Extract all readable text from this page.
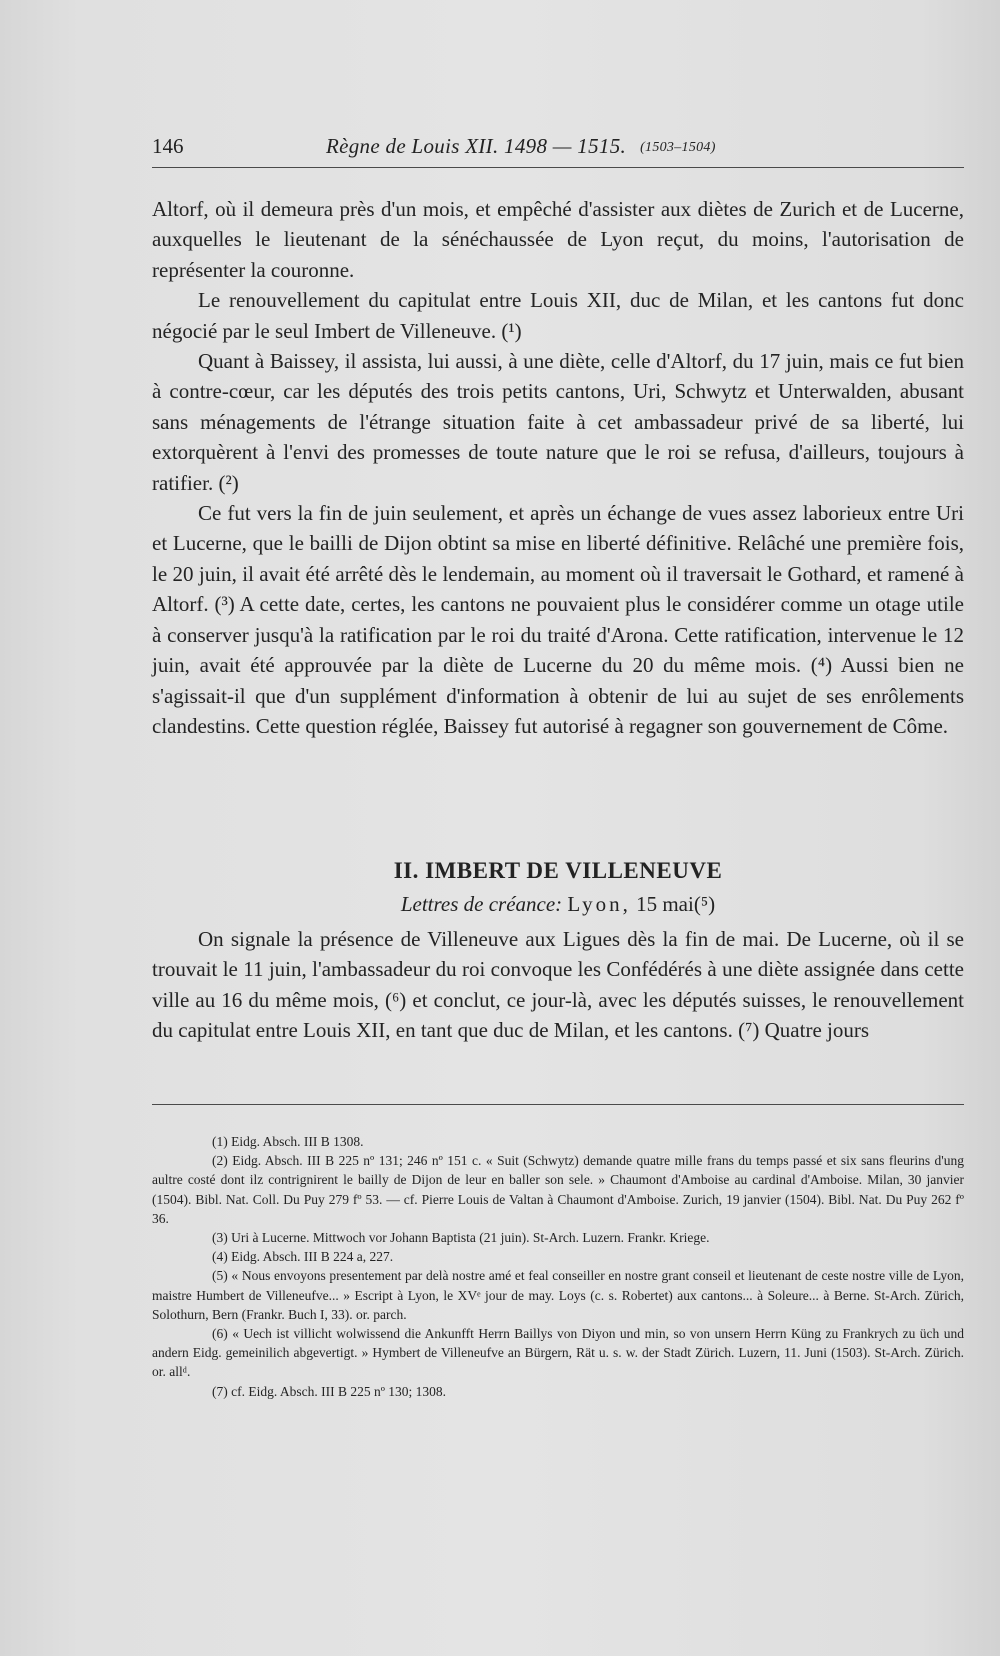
146	Règne de Louis XII. 1498 — 1515. (1503–1504)

Altorf, où il demeura près d'un mois, et empêché d'assister aux diètes de Zurich et de Lucerne, auxquelles le lieutenant de la sénéchaussée de Lyon reçut, du moins, l'autorisation de représenter la couronne.

Le renouvellement du capitulat entre Louis XII, duc de Milan, et les cantons fut donc négocié par le seul Imbert de Villeneuve. (¹)

Quant à Baissey, il assista, lui aussi, à une diète, celle d'Altorf, du 17 juin, mais ce fut bien à contre-cœur, car les députés des trois petits cantons, Uri, Schwytz et Unterwalden, abusant sans ménagements de l'étrange situation faite à cet ambassadeur privé de sa liberté, lui extorquèrent à l'envi des promesses de toute nature que le roi se refusa, d'ailleurs, toujours à ratifier. (²)

Ce fut vers la fin de juin seulement, et après un échange de vues assez laborieux entre Uri et Lucerne, que le bailli de Dijon obtint sa mise en liberté définitive. Relâché une première fois, le 20 juin, il avait été arrêté dès le lendemain, au moment où il traversait le Gothard, et ramené à Altorf. (³) A cette date, certes, les cantons ne pouvaient plus le considérer comme un otage utile à conserver jusqu'à la ratification par le roi du traité d'Arona. Cette ratification, intervenue le 12 juin, avait été approuvée par la diète de Lucerne du 20 du même mois. (⁴) Aussi bien ne s'agissait-il que d'un supplément d'information à obtenir de lui au sujet de ses enrôlements clandestins. Cette question réglée, Baissey fut autorisé à regagner son gouvernement de Côme.

II. IMBERT DE VILLENEUVE
Lettres de créance: Lyon, 15 mai(⁵)

On signale la présence de Villeneuve aux Ligues dès la fin de mai. De Lucerne, où il se trouvait le 11 juin, l'ambassadeur du roi convoque les Confédérés à une diète assignée dans cette ville au 16 du même mois, (⁶) et conclut, ce jour-là, avec les députés suisses, le renouvellement du capitulat entre Louis XII, en tant que duc de Milan, et les cantons. (⁷) Quatre jours

(1) Eidg. Absch. III B 1308.

(2) Eidg. Absch. III B 225 nº 131; 246 nº 151 c. « Suit (Schwytz) demande quatre mille frans du temps passé et six sans fleurins d'ung aultre costé dont ilz contrignirent le bailly de Dijon de leur en baller son sele. » Chaumont d'Amboise au cardinal d'Amboise. Milan, 30 janvier (1504). Bibl. Nat. Coll. Du Puy 279 fº 53. — cf. Pierre Louis de Valtan à Chaumont d'Amboise. Zurich, 19 janvier (1504). Bibl. Nat. Du Puy 262 fº 36.

(3) Uri à Lucerne. Mittwoch vor Johann Baptista (21 juin). St-Arch. Luzern. Frankr. Kriege.

(4) Eidg. Absch. III B 224 a, 227.

(5) « Nous envoyons presentement par delà nostre amé et feal conseiller en nostre grant conseil et lieutenant de ceste nostre ville de Lyon, maistre Humbert de Villeneufve... » Escript à Lyon, le XVᵉ jour de may. Loys (c. s. Robertet) aux cantons... à Soleure... à Berne. St-Arch. Zürich, Solothurn, Bern (Frankr. Buch I, 33). or. parch.

(6) « Uech ist villicht wolwissend die Ankunfft Herrn Baillys von Diyon und min, so von unsern Herrn Küng zu Frankrych zu üch und andern Eidg. gemeinilich abgevertigt. » Hymbert de Villeneufve an Bürgern, Rät u. s. w. der Stadt Zürich. Luzern, 11. Juni (1503). St-Arch. Zürich. or. allᵈ.

(7) cf. Eidg. Absch. III B 225 nº 130; 1308.
